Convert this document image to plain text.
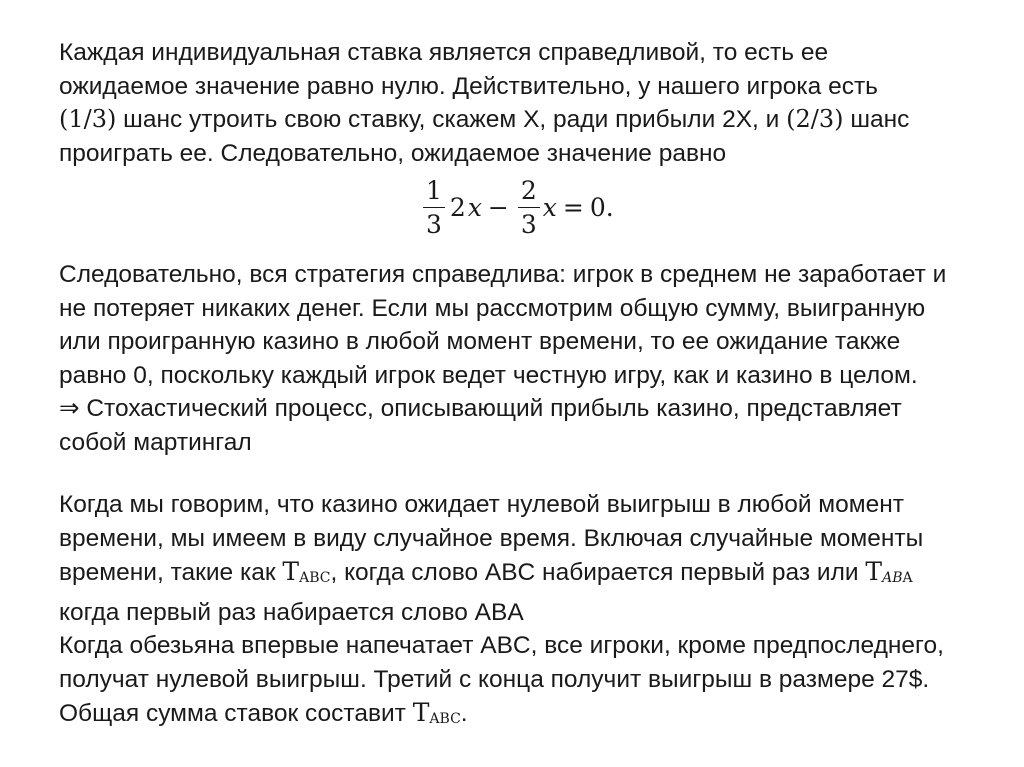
Каждая индивидуальная ставка является справедливой, то есть ее
ожидаемое значение равно нулю. Действительно, у нашего игрока есть
(1/3) шанс утроить свою ставку, скажем X, ради прибыли 2X, и (2/3) шанс
проиграть ее. Следовательно, ожидаемое значение равно
$\frac{1}{3} 2$ $x - \frac{2}{3}$ x = 0.
Следовательно, вся стратегия справедлива: игрок в среднем не заработает и
не потеряет никаких денег. Если мы рассмотрим общую сумму, выигранную
или проигранную казино в любой момент времени, то ее ожидание также
равно 0, поскольку каждый игрок ведет честную игру, как и казино в целом.
⇒ Стохастический процесс, описывающий прибыль казино, представляет
собой мартингал
Когда мы говорим, что казино ожидает нулевой выигрыш в любой момент
времени, мы имеем в виду случайное время. Включая случайные моменты
времени, такие как $T_{ABC}$, когда слово ABC набирается первый раз или $T_{ABA}$
когда первый раз набирается слово ABA
Когда обезьяна впервые напечатает ABC, все игроки, кроме предпоследнего,
получат нулевой выигрыш. Третий с конца получит выигрыш в размере 27$.
Общая сумма ставок составит $T_{ABC}$.
